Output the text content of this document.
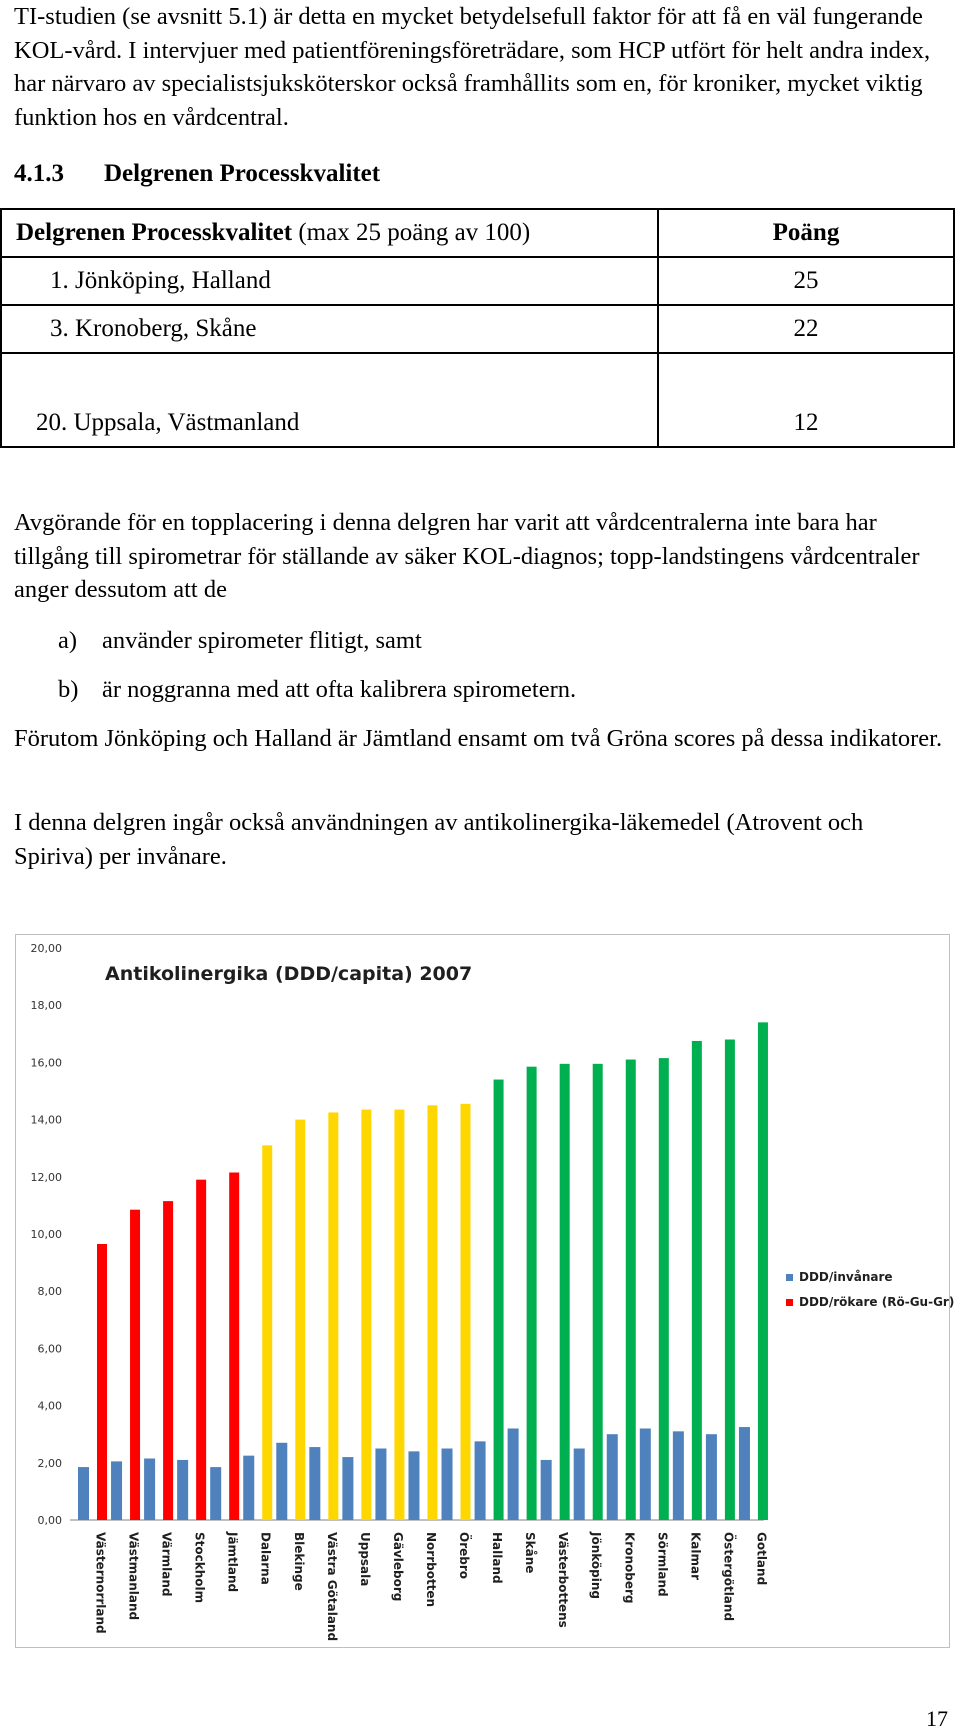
TI-studien (se avsnitt 5.1) är detta en mycket betydelsefull faktor för att få en väl fungerande KOL-vård. I intervjuer med patientföreningsföreträdare, som HCP utfört för helt andra index, har närvaro av specialistsjuksköterskor också framhållits som en, för kroniker, mycket viktig funktion hos en vårdcentral.

4.1.3 Delgrenen Processkvalitet
Delgrenen Processkvalitet (max 25 poäng av 100)	Poäng
1. Jönköping, Halland	25
3. Kronoberg, Skåne	22

20. Uppsala, Västmanland	12

Avgörande för en topplacering i denna delgren har varit att vårdcentralerna inte bara har tillgång till spirometrar för ställande av säker KOL-diagnos; topp-landstingens vårdcentraler anger dessutom att de

a) använder spirometer flitigt, samt

b) är noggranna med att ofta kalibrera spirometern.

Förutom Jönköping och Halland är Jämtland ensamt om två Gröna scores på dessa indikatorer.

I denna delgren ingår också användningen av antikolinergika-läkemedel (Atrovent och Spiriva) per invånare.

Antikolinergika (DDD/capita) 2007
0,00
2,00
4,00
6,00
8,00
10,00
12,00
14,00
16,00
18,00
20,00
Västernorrland Västmanland Värmland Stockholm Jämtland Dalarna Blekinge Västra Götaland Uppsala Gävleborg Norrbotten Örebro Halland Skåne Västerbottens Jönköping Kronoberg Sörmland Kalmar Östergötland Gotland
DDD/invånare
DDD/rökare (Rö-Gu-Gr)
17
